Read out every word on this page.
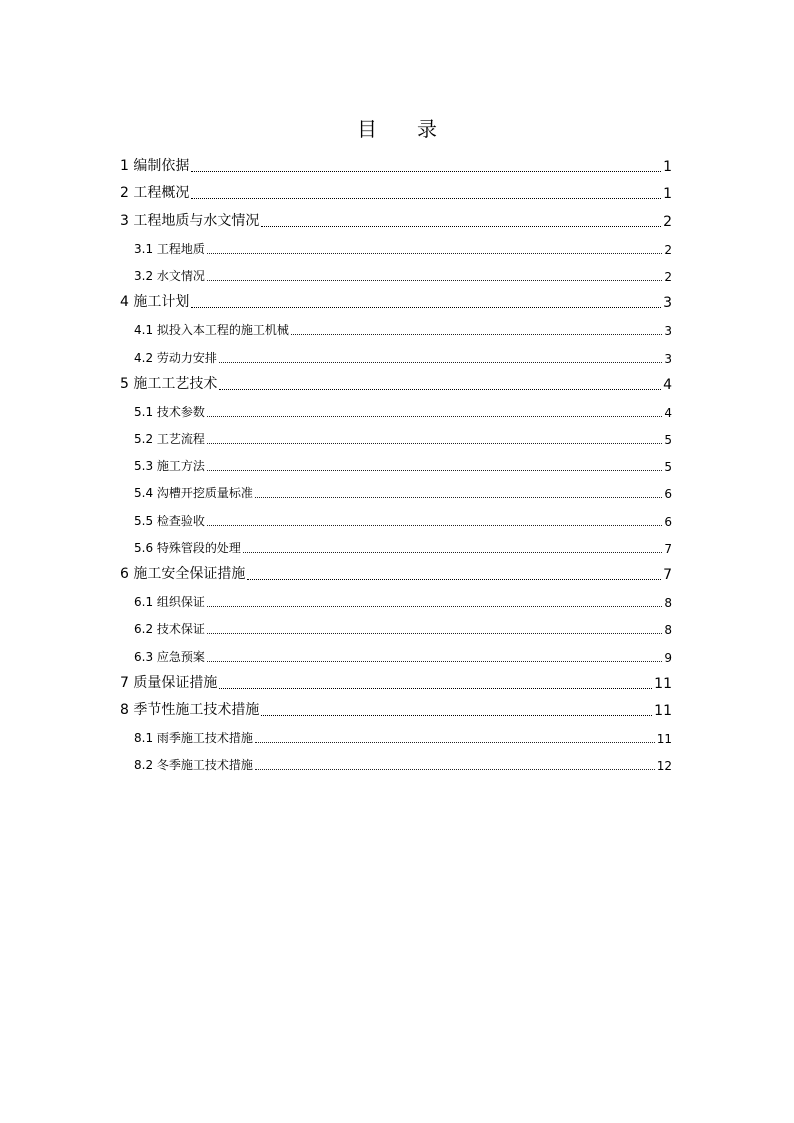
目 录
1 编制依据	1
2 工程概况	1
3 工程地质与水文情况	2
3.1 工程地质	2
3.2 水文情况	2
4 施工计划	3
4.1 拟投入本工程的施工机械	3
4.2 劳动力安排	3
5 施工工艺技术	4
5.1 技术参数	4
5.2 工艺流程	5
5.3 施工方法	5
5.4 沟槽开挖质量标准	6
5.5 检查验收	6
5.6 特殊管段的处理	7
6 施工安全保证措施	7
6.1 组织保证	8
6.2 技术保证	8
6.3 应急预案	9
7 质量保证措施	11
8 季节性施工技术措施	11
8.1 雨季施工技术措施	11
8.2 冬季施工技术措施	12
